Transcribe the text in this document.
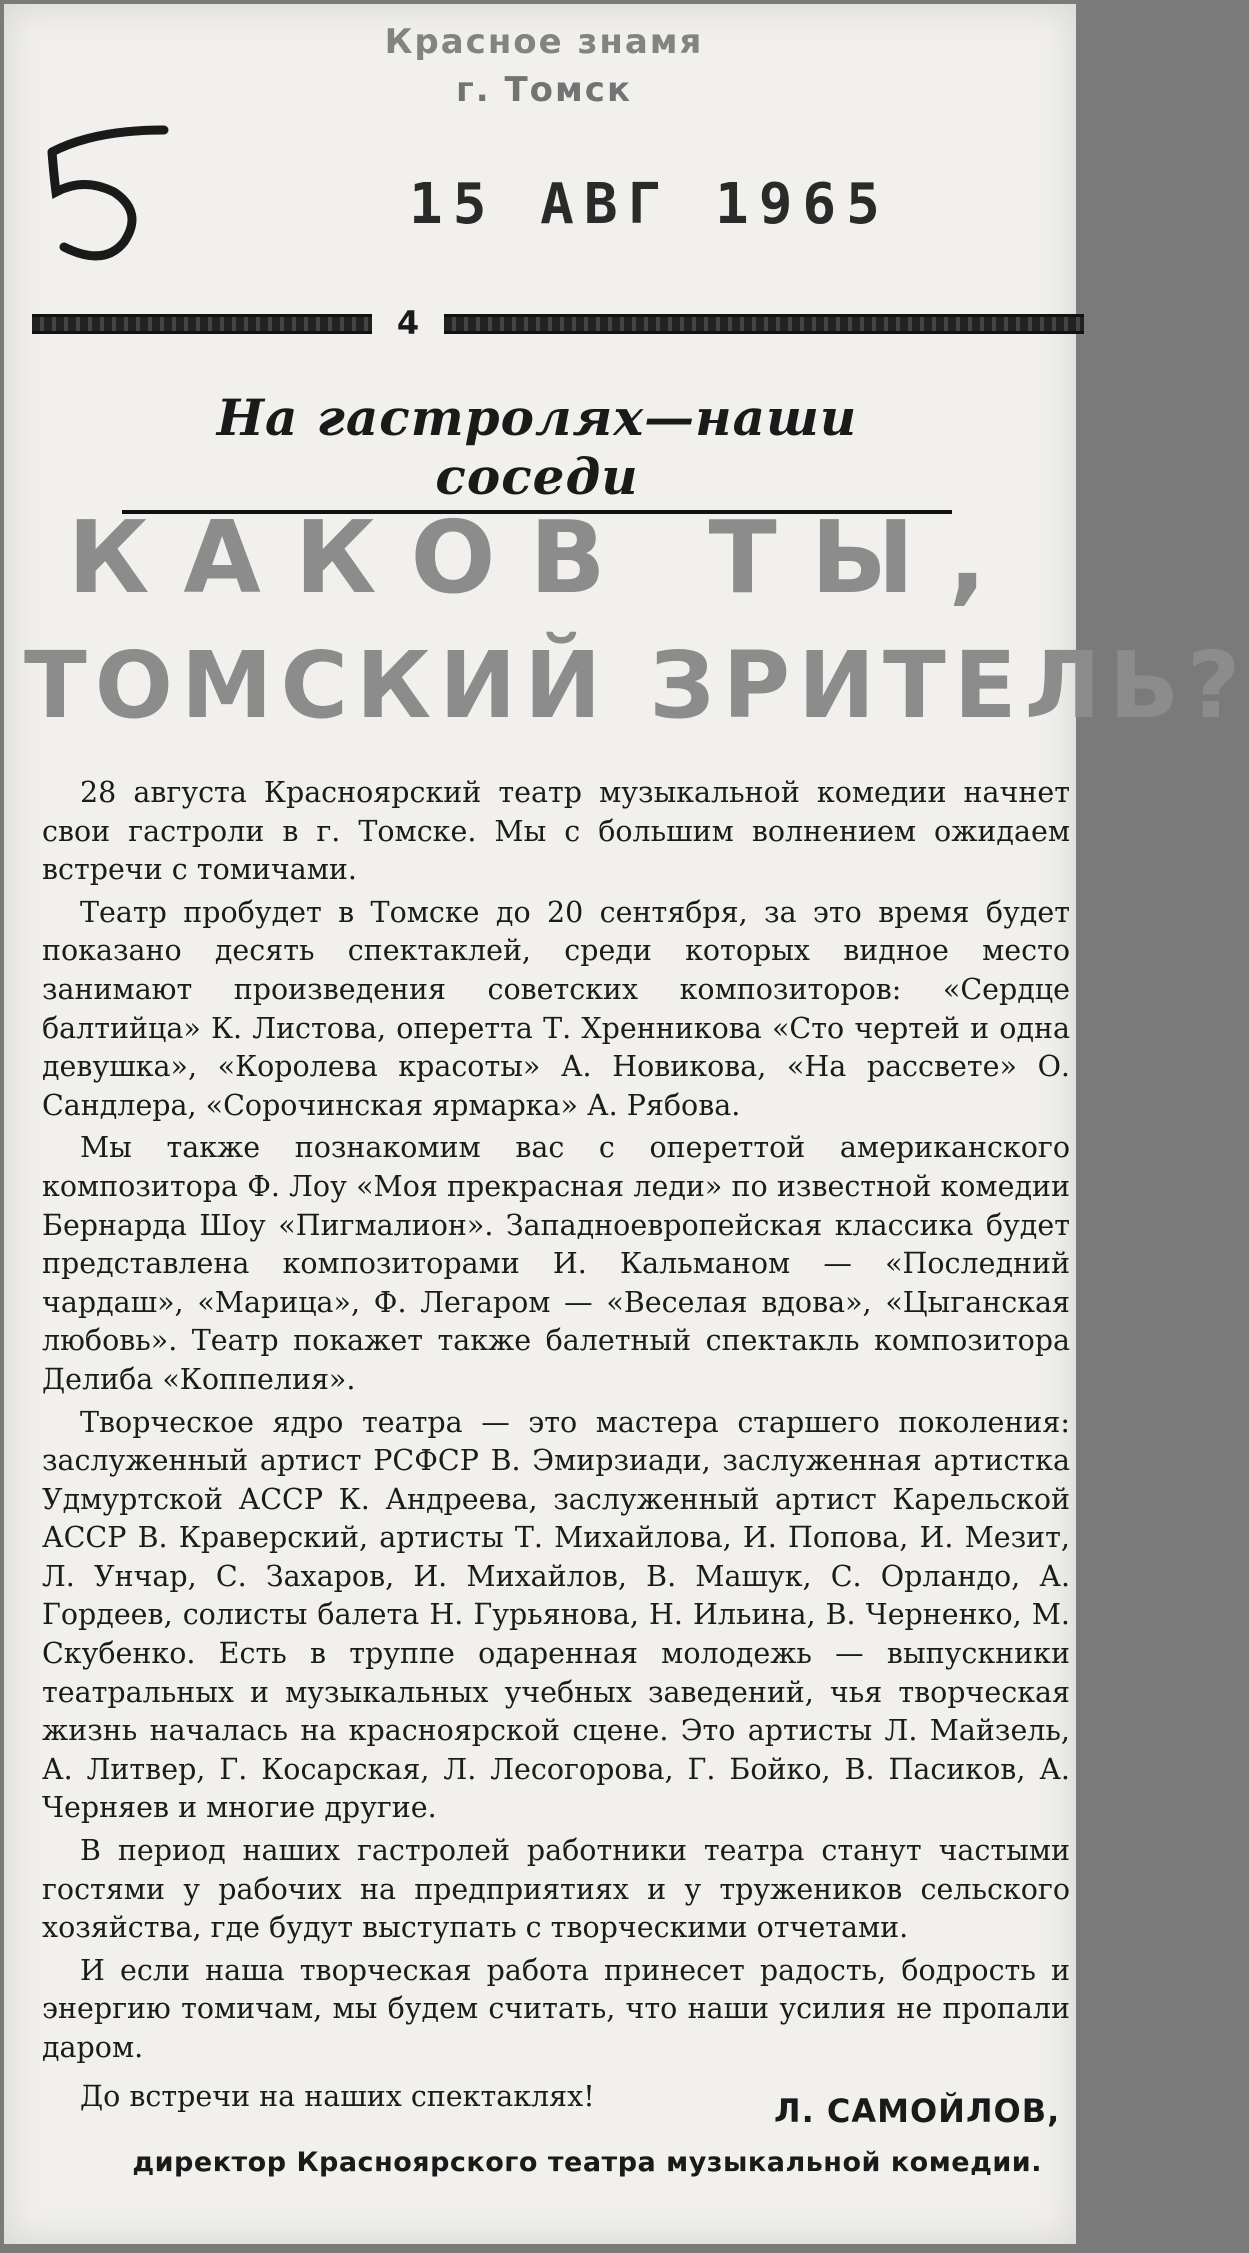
Красное знамя
г. Томск
15 АВГ 1965
4
На гастролях—наши соседи
КАКОВ ТЫ,
ТОМСКИЙ ЗРИТЕЛЬ?

28 августа Красноярский театр музыкальной комедии начнет свои гастроли в г. Томске. Мы с большим волнением ожидаем встречи с томичами.

Театр пробудет в Томске до 20 сентября, за это время будет показано десять спектаклей, среди которых видное место занимают произведения советских композиторов: «Сердце балтийца» К. Листова, оперетта Т. Хренникова «Сто чертей и одна девушка», «Королева красоты» А. Новикова, «На рассвете» О. Сандлера, «Сорочинская ярмарка» А. Рябова.

Мы также познакомим вас с опереттой американского композитора Ф. Лоу «Моя прекрасная леди» по известной комедии Бернарда Шоу «Пигмалион». Западноевропейская классика будет представлена композиторами И. Кальманом — «Последний чардаш», «Марица», Ф. Легаром — «Веселая вдова», «Цыганская любовь». Театр покажет также балетный спектакль композитора Делиба «Коппелия».

Творческое ядро театра — это мастера старшего поколения: заслуженный артист РСФСР В. Эмирзиади, заслуженная артистка Удмуртской АССР К. Андреева, заслуженный артист Карельской АССР В. Краверский, артисты Т. Михайлова, И. Попова, И. Мезит, Л. Унчар, С. Захаров, И. Михайлов, В. Машук, С. Орландо, А. Гордеев, солисты балета Н. Гурьянова, Н. Ильина, В. Черненко, М. Скубенко. Есть в труппе одаренная молодежь — выпускники театральных и музыкальных учебных заведений, чья творческая жизнь началась на красноярской сцене. Это артисты Л. Майзель, А. Литвер, Г. Косарская, Л. Лесогорова, Г. Бойко, В. Пасиков, А. Черняев и многие другие.

В период наших гастролей работники театра станут частыми гостями у рабочих на предприятиях и у тружеников сельского хозяйства, где будут выступать с творческими отчетами.

И если наша творческая работа принесет радость, бодрость и энергию томичам, мы будем считать, что наши усилия не пропали даром.

До встречи на наших спектаклях!	Л. САМОЙЛОВ,
директор Красноярского театра музыкальной комедии.
